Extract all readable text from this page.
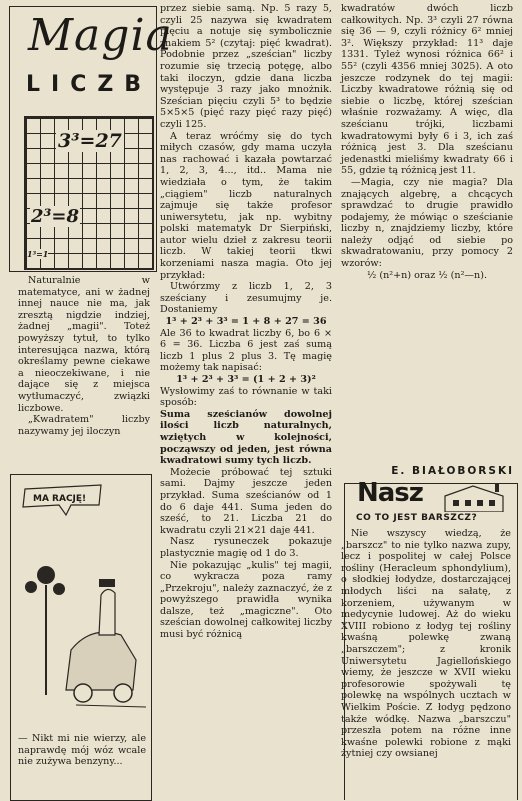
Magia
LICZB
3³=27
2³=8
1³=1

Naturalnie w matematyce, ani w żadnej innej nauce nie ma, jak zresztą nigdzie indziej, żadnej „magii". Toteż powyższy tytuł, to tylko interesująca nazwa, którą określamy pewne ciekawe a nieoczekiwane, i nie dające się z miejsca wytłumaczyć, związki liczbowe.

„Kwadratem" liczby nazywamy jej iloczyn

MA RACJĘ!
— Nikt mi nie wierzy, ale naprawdę mój wóz wcale nie zużywa benzyny...

przez siebie samą. Np. 5 razy 5, czyli 25 nazywa się kwadratem pięciu a notuje się symbolicznie znakiem 5² (czytaj: pięć kwadrat). Podobnie przez „sześcian" liczby rozumie się trzecią potęgę, albo taki iloczyn, gdzie dana liczba występuje 3 razy jako mnożnik. Sześcian pięciu czyli 5³ to będzie 5×5×5 (pięć razy pięć razy pięć) czyli 125.

A teraz wróćmy się do tych miłych czasów, gdy mama uczyła nas rachować i kazała powtarzać 1, 2, 3, 4..., itd.. Mama nie wiedziała o tym, że takim „ciągiem" liczb naturalnych zajmuje się także profesor uniwersytetu, jak np. wybitny polski matematyk Dr Sierpiński, autor wielu dzieł z zakresu teorii liczb. W takiej teorii tkwi korzeniami nasza magia. Oto jej przykład:

Utwórzmy z liczb 1, 2, 3 sześciany i zesumujmy je. Dostaniemy

1³ + 2³ + 3³ = 1 + 8 + 27 = 36

Ale 36 to kwadrat liczby 6, bo 6 × 6 = 36. Liczba 6 jest zaś sumą liczb 1 plus 2 plus 3. Tę magię możemy tak napisać:

1³ + 2³ + 3³ = (1 + 2 + 3)²

Wysłowimy zaś to równanie w taki sposób:

Suma sześcianów dowolnej ilości liczb naturalnych, wziętych w kolejności, począwszy od jeden, jest równa kwadratowi sumy tych liczb.

Możecie próbować tej sztuki sami. Dajmy jeszcze jeden przykład. Suma sześcianów od 1 do 6 daje 441. Suma jeden do sześć, to 21. Liczba 21 do kwadratu czyli 21×21 daje 441.

Nasz rysuneczek pokazuje plastycznie magię od 1 do 3.

Nie pokazując „kulis" tej magii, co wykracza poza ramy „Przekroju", należy zaznaczyć, że z powyższego prawidła wynika dalsze, też „magiczne". Oto sześcian dowolnej całkowitej liczby musi być różnicą

kwadratów dwóch liczb całkowitych. Np. 3³ czyli 27 równa się 36 — 9, czyli różnicy 6² mniej 3². Większy przykład: 11³ daje 1331. Tyleż wynosi różnica 66² i 55² (czyli 4356 mniej 3025). A oto jeszcze rodzynek do tej magii: Liczby kwadratowe różnią się od siebie o liczbę, której sześcian właśnie rozważamy. A więc, dla sześcianu trójki, liczbami kwadratowymi były 6 i 3, ich zaś różnicą jest 3. Dla sześcianu jedenastki mieliśmy kwadraty 66 i 55, gdzie tą różnicą jest 11.

—Magia, czy nie magia? Dla znających algebrę, a chcących sprawdzać to drugie prawidło podajemy, że mówiąc o sześcianie liczby n, znajdziemy liczby, które należy odjąć od siebie po skwadratowaniu, przy pomocy 2 wzorów:

½ (n²+n) oraz ½ (n²—n).
E. BIAŁOBORSKI
Nasz
CO TO JEST BARSZCZ?

Nie wszyscy wiedzą, że „barszcz" to nie tylko nazwa zupy, lecz i pospolitej w całej Polsce rośliny (Heracleum sphondylium), o słodkiej łodydze, dostarczającej młodych liści na sałatę, z korzeniem, używanym w medycynie ludowej. Aż do wieku XVIII robiono z łodyg tej rośliny kwaśną polewkę zwaną „barszczem"; z kronik Uniwersytetu Jagiellońskiego wiemy, że jeszcze w XVII wieku profesorowie spożywali tę polewkę na wspólnych ucztach w Wielkim Poście. Z łodyg pędzono także wódkę. Nazwa „barszczu" przeszła potem na różne inne kwaśne polewki robione z mąki żytniej czy owsianej
